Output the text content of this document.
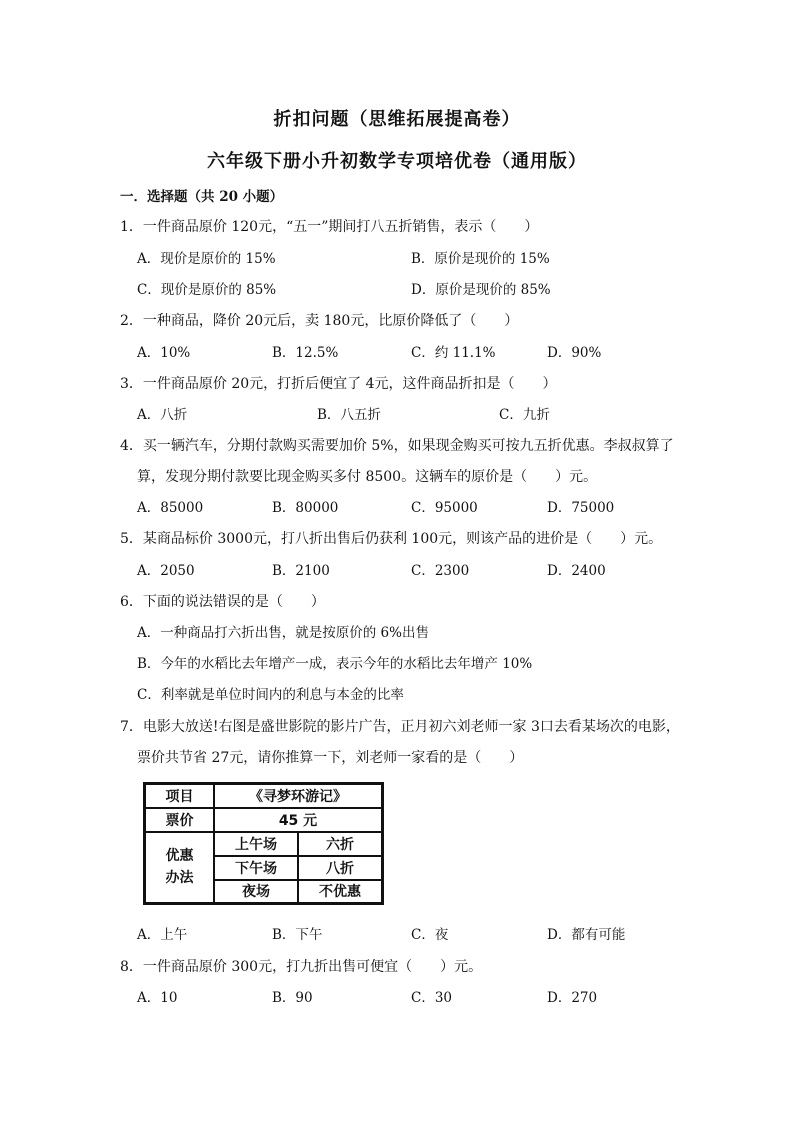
折扣问题（思维拓展提高卷）
六年级下册小升初数学专项培优卷（通用版）
一．选择题（共 20 小题）
1．一件商品原价 120元，“五一”期间打八五折销售，表示（　　）
A．现价是原价的 15%	B．原价是现价的 15%
C．现价是原价的 85%	D．原价是现价的 85%
2．一种商品，降价 20元后，卖 180元，比原价降低了（　　）
A．10%	B．12.5%	C．约 11.1%	D．90%
3．一件商品原价 20元，打折后便宜了 4元，这件商品折扣是（　　）
A．八折	B．八五折	C．九折
4．买一辆汽车，分期付款购买需要加价 5%，如果现金购买可按九五折优惠。李叔叔算了
算，发现分期付款要比现金购买多付 8500。这辆车的原价是（　　）元。
A．85000	B．80000	C．95000	D．75000
5．某商品标价 3000元，打八折出售后仍获利 100元，则该产品的进价是（　　）元。
A．2050	B．2100	C．2300	D．2400
6．下面的说法错误的是（　　）
A．一种商品打六折出售，就是按原价的 6%出售
B．今年的水稻比去年增产一成，表示今年的水稻比去年增产 10%
C．利率就是单位时间内的利息与本金的比率
7．电影大放送!右图是盛世影院的影片广告，正月初六刘老师一家 3口去看某场次的电影，
票价共节省 27元，请你推算一下，刘老师一家看的是（　　）
项目	《寻梦环游记》	
票价	45 元	
优惠
办法	上午场	六折
	下午场	八折
	夜场	不优惠
A．上午	B．下午	C．夜	D．都有可能
8．一件商品原价 300元，打九折出售可便宜（　　）元。
A．10	B．90	C．30	D．270
